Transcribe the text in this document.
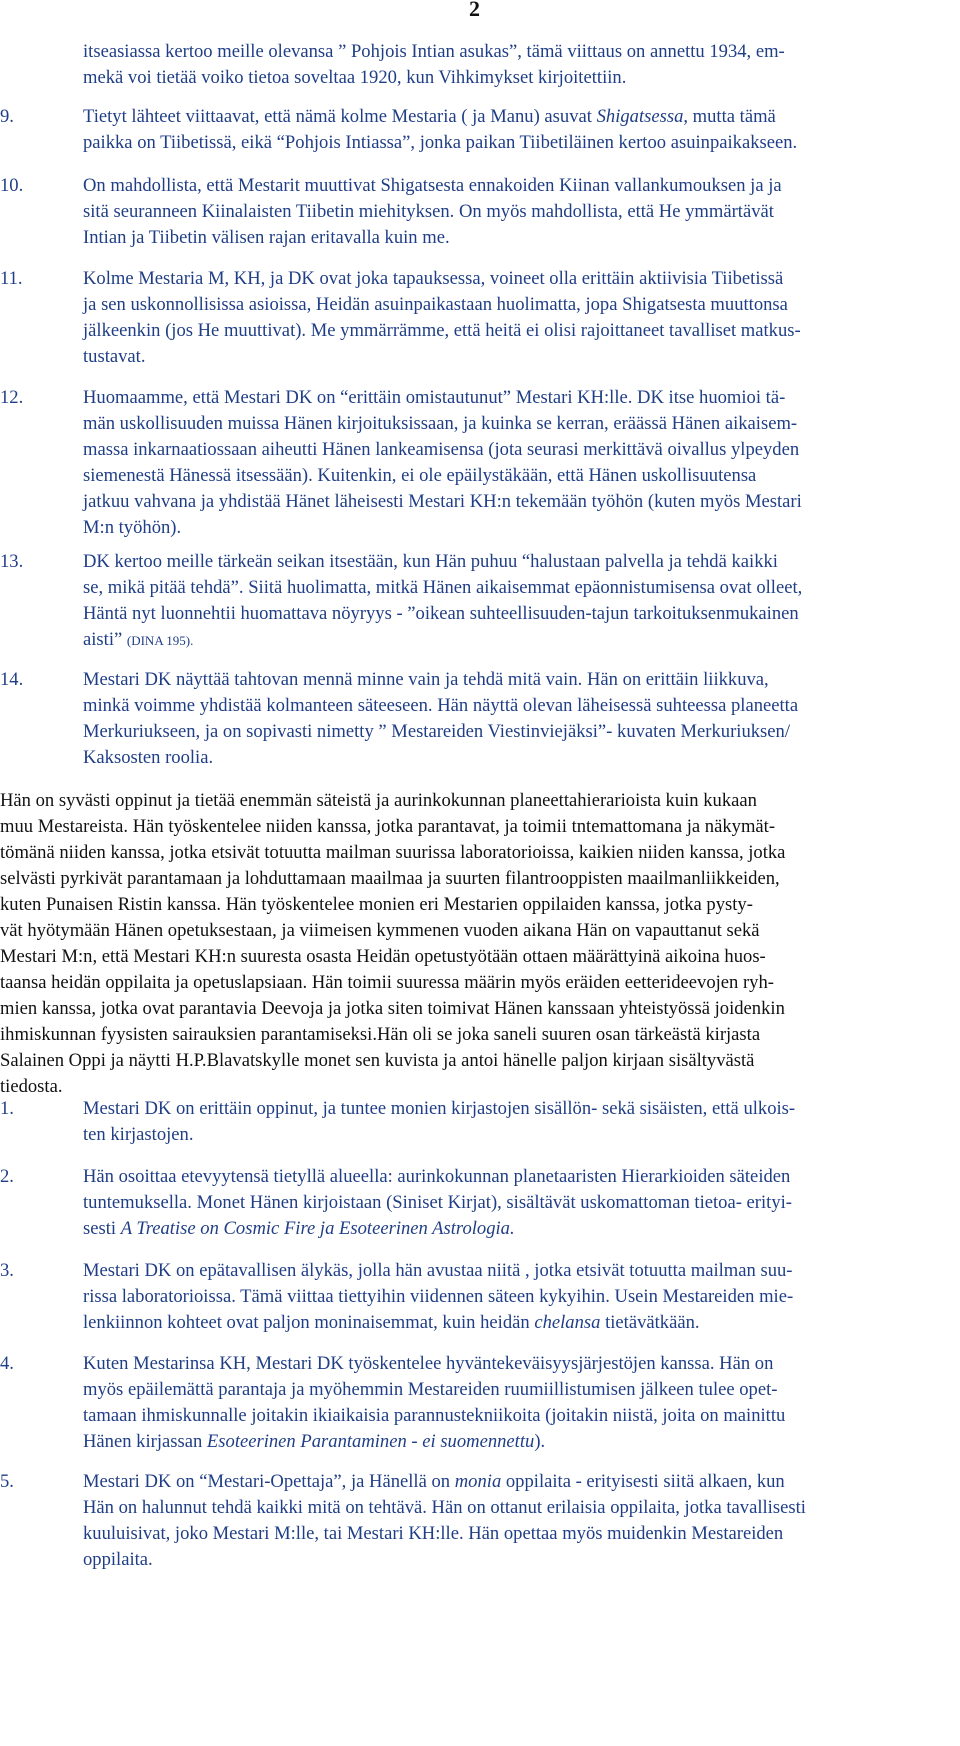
2
itseasiassa kertoo meille olevansa ” Pohjois Intian asukas”, tämä viittaus on annettu 1934, em-
mekä voi tietää voiko tietoa soveltaa 1920, kun Vihkimykset kirjoitettiin.
9.	Tietyt lähteet viittaavat, että nämä kolme Mestaria ( ja Manu) asuvat Shigatsessa, mutta tämä
paikka on Tiibetissä, eikä “Pohjois Intiassa”, jonka paikan Tiibetiläinen kertoo asuinpaikakseen.
10.	On mahdollista, että Mestarit muuttivat Shigatsesta ennakoiden Kiinan vallankumouksen ja ja
sitä seuranneen Kiinalaisten Tiibetin miehityksen. On myös mahdollista, että He ymmärtävät
Intian ja Tiibetin välisen rajan eritavalla kuin me.
11.	Kolme Mestaria M, KH, ja DK ovat joka tapauksessa, voineet olla erittäin aktiivisia Tiibetissä
ja sen uskonnollisissa asioissa, Heidän asuinpaikastaan huolimatta, jopa Shigatsesta muuttonsa
jälkeenkin (jos He muuttivat). Me ymmärrämme, että heitä ei olisi rajoittaneet tavalliset matkus-
tustavat.
12.	Huomaamme, että Mestari DK on “erittäin omistautunut” Mestari KH:lle. DK itse huomioi tä-
män uskollisuuden muissa Hänen kirjoituksissaan, ja kuinka se kerran, eräässä Hänen aikaisem-
massa inkarnaatiossaan aiheutti Hänen lankeamisensa (jota seurasi merkittävä oivallus ylpeyden
siemenestä Hänessä itsessään). Kuitenkin, ei ole epäilystäkään, että Hänen uskollisuutensa
jatkuu vahvana ja yhdistää Hänet läheisesti Mestari KH:n tekemään työhön (kuten myös Mestari
M:n työhön).
13.	DK kertoo meille tärkeän seikan itsestään, kun Hän puhuu “halustaan palvella ja tehdä kaikki
se, mikä pitää tehdä”. Siitä huolimatta, mitkä Hänen aikaisemmat epäonnistumisensa ovat olleet,
Häntä nyt luonnehtii huomattava nöyryys - ”oikean suhteellisuuden-tajun tarkoituksenmukainen
aisti” (DINA 195).
14.	Mestari DK näyttää tahtovan mennä minne vain ja tehdä mitä vain. Hän on erittäin liikkuva,
minkä voimme yhdistää kolmanteen säteeseen. Hän näyttä olevan läheisessä suhteessa planeetta
Merkuriukseen, ja on sopivasti nimetty ” Mestareiden Viestinviejäksi”- kuvaten Merkuriuksen/
Kaksosten roolia.
Hän on syvästi oppinut ja tietää enemmän säteistä ja aurinkokunnan planeettahierarioista kuin kukaan
muu Mestareista. Hän työskentelee niiden kanssa, jotka parantavat, ja toimii tntemattomana ja näkymät-
tömänä niiden kanssa, jotka etsivät totuutta mailman suurissa laboratorioissa, kaikien niiden kanssa, jotka
selvästi pyrkivät parantamaan ja lohduttamaan maailmaa ja suurten filantrooppisten maailmanliikkeiden,
kuten Punaisen Ristin kanssa. Hän työskentelee monien eri Mestarien oppilaiden kanssa, jotka pysty-
vät hyötymään Hänen opetuksestaan, ja viimeisen kymmenen vuoden aikana Hän on vapauttanut sekä
Mestari M:n, että Mestari KH:n suuresta osasta Heidän opetustyötään ottaen määrättyinä aikoina huos-
taansa heidän oppilaita ja opetuslapsiaan. Hän toimii suuressa määrin myös eräiden eetterideevojen ryh-
mien kanssa, jotka ovat parantavia Deevoja ja jotka siten toimivat Hänen kanssaan yhteistyössä joidenkin
ihmiskunnan fyysisten sairauksien parantamiseksi.Hän oli se joka saneli suuren osan tärkeästä kirjasta
Salainen Oppi ja näytti H.P.Blavatskylle monet sen kuvista ja antoi hänelle paljon kirjaan sisältyvästä
tiedosta.
1.	Mestari DK on erittäin oppinut, ja tuntee monien kirjastojen sisällön- sekä sisäisten, että ulkois-
ten kirjastojen.
2.	Hän osoittaa etevyytensä tietyllä alueella: aurinkokunnan planetaaristen Hierarkioiden säteiden
tuntemuksella. Monet Hänen kirjoistaan (Siniset Kirjat), sisältävät uskomattoman tietoa- erityi-
sesti A Treatise on Cosmic Fire ja Esoteerinen Astrologia.
3.	Mestari DK on epätavallisen älykäs, jolla hän avustaa niitä , jotka etsivät totuutta mailman suu-
rissa laboratorioissa. Tämä viittaa tiettyihin viidennen säteen kykyihin. Usein Mestareiden mie-
lenkiinnon kohteet ovat paljon moninaisemmat, kuin heidän chelansa tietävätkään.
4.	Kuten Mestarinsa KH, Mestari DK työskentelee hyväntekeväisyysjärjestöjen kanssa. Hän on
myös epäilemättä parantaja ja myöhemmin Mestareiden ruumiillistumisen jälkeen tulee opet-
tamaan ihmiskunnalle joitakin ikiaikaisia parannustekniikoita (joitakin niistä, joita on mainittu
Hänen kirjassan Esoteerinen Parantaminen - ei suomennettu).
5.	Mestari DK on “Mestari-Opettaja”, ja Hänellä on monia oppilaita - erityisesti siitä alkaen, kun
Hän on halunnut tehdä kaikki mitä on tehtävä. Hän on ottanut erilaisia oppilaita, jotka tavallisesti
kuuluisivat, joko Mestari M:lle, tai Mestari KH:lle. Hän opettaa myös muidenkin Mestareiden
oppilaita.
